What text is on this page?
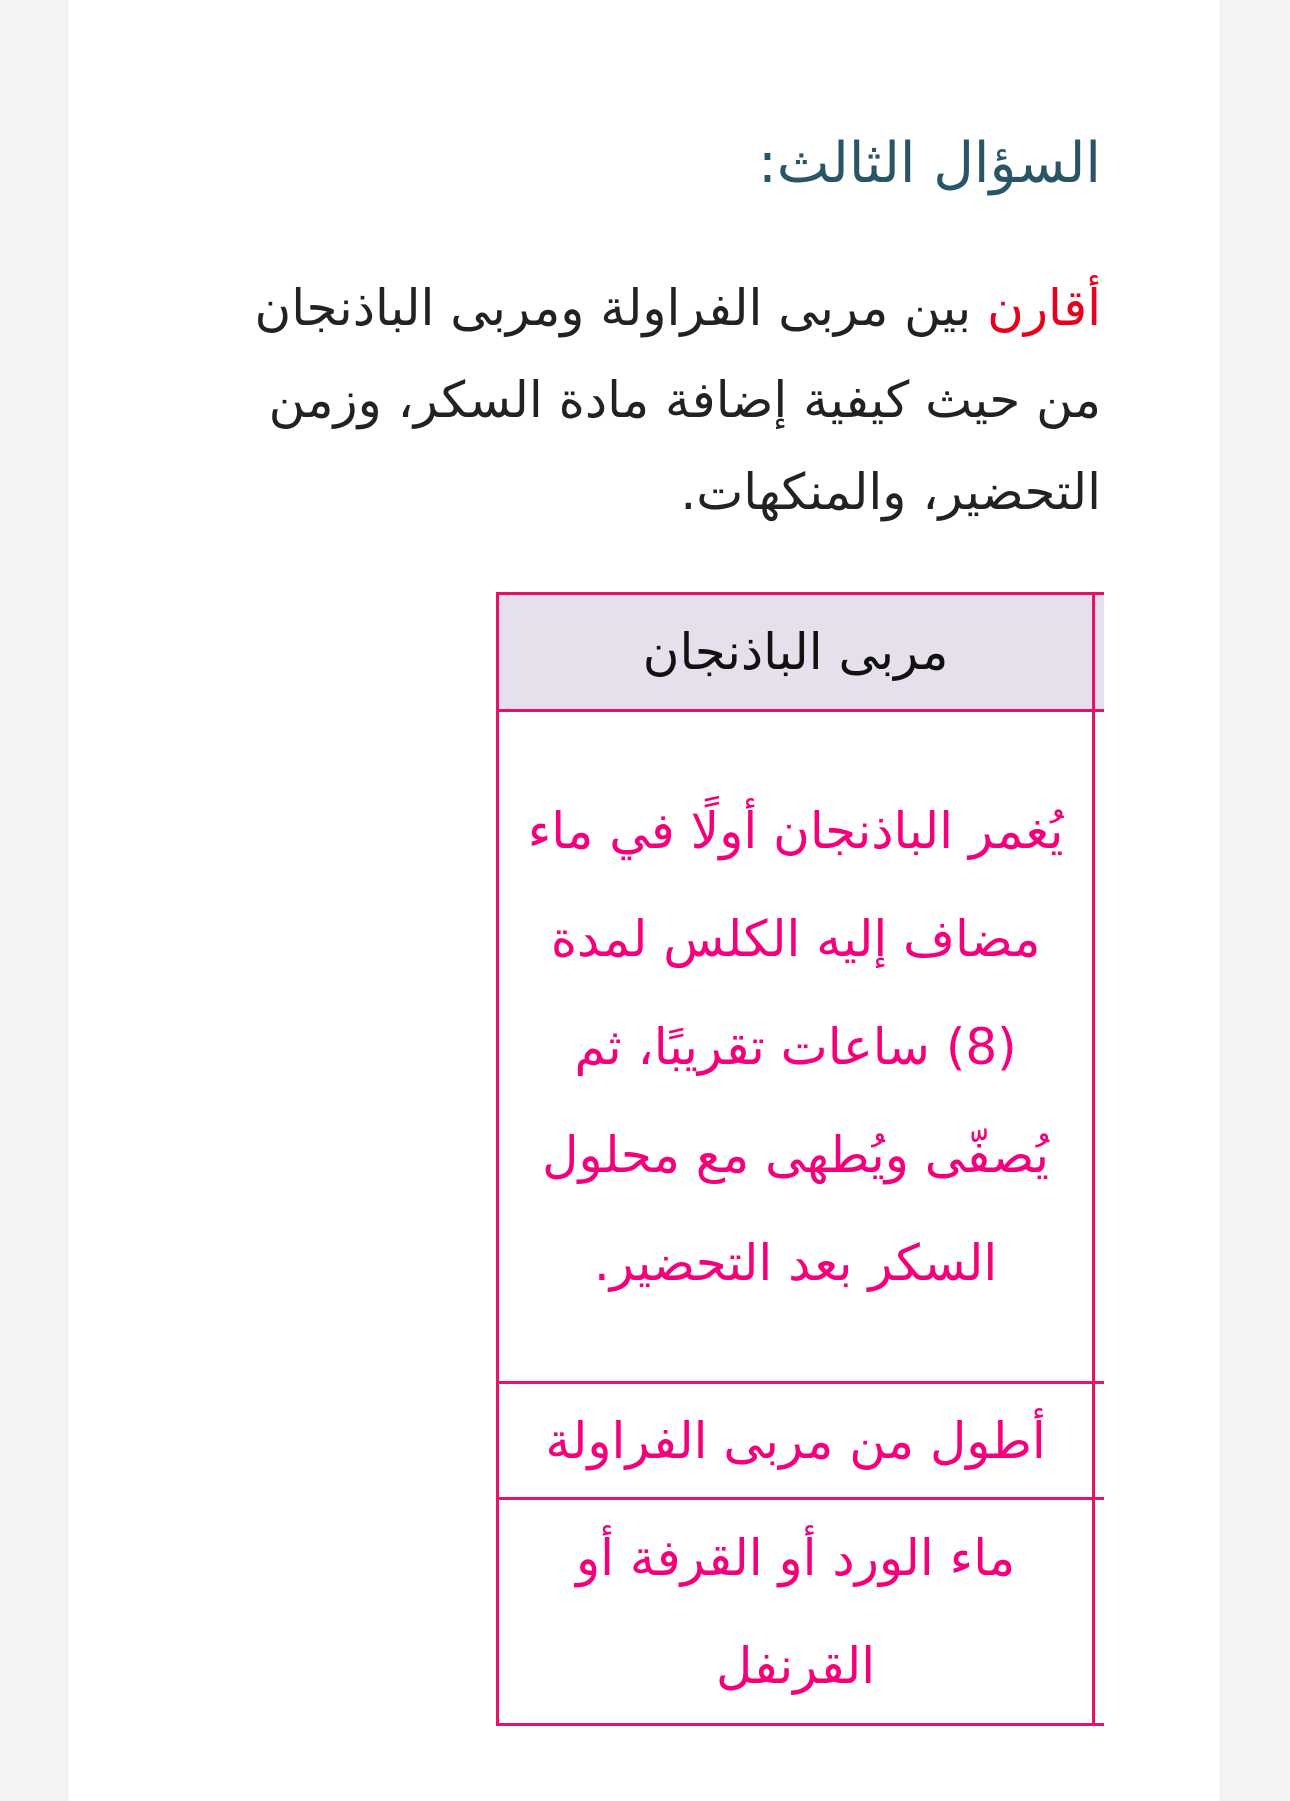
السؤال الثالث:

أقارن بين مربى الفراولة ومربى الباذنجان من حيث كيفية إضافة مادة السكر، وزمن التحضير، والمنكهات.

	مربى الباذنجان
	يُغمر الباذنجان أولًا في ماء مضاف إليه الكلس لمدة (8) ساعات تقريبًا، ثم يُصفّى ويُطهى مع محلول السكر بعد التحضير.
	أطول من مربى الفراولة
	ماء الورد أو القرفة أو القرنفل
